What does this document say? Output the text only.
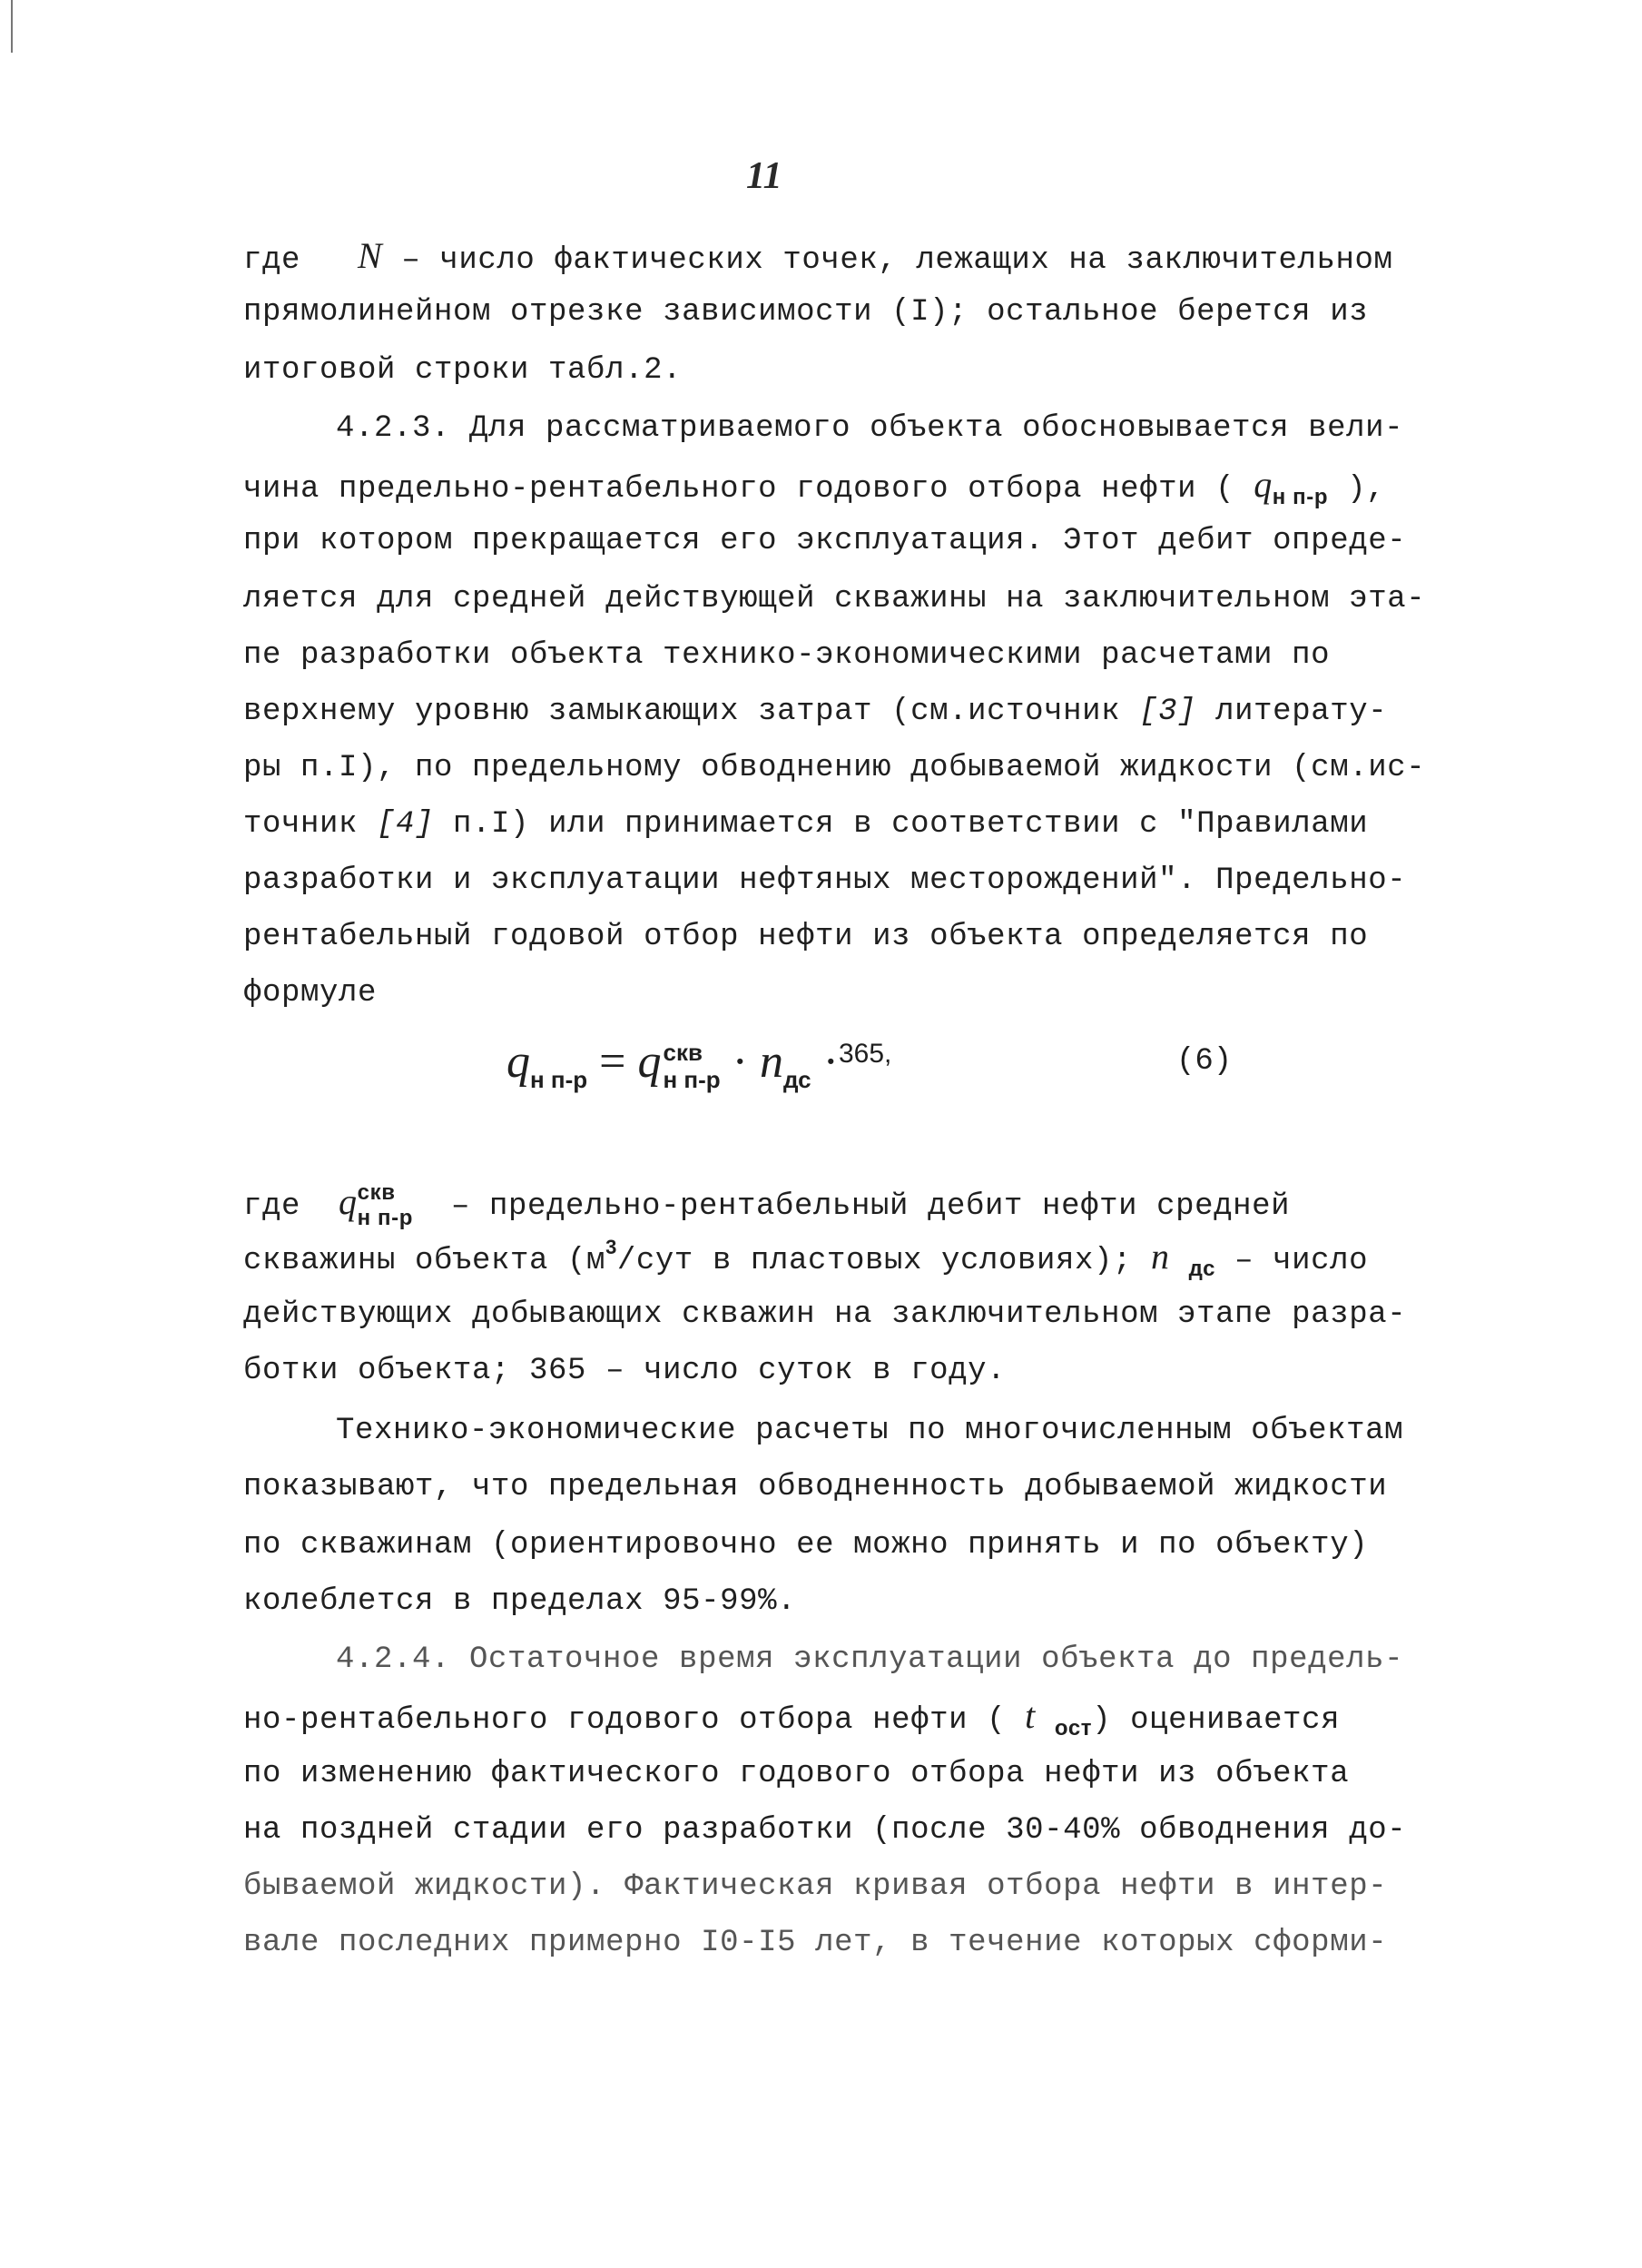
11
где   N – число фактических точек, лежащих на заключительном
прямолинейном отрезке зависимости (I); остальное берется из
итоговой строки табл.2.
4.2.3. Для рассматриваемого объекта обосновывается вели-
чина предельно-рентабельного годового отбора нефти ( $q_{н п-р}$ ),
при котором прекращается его эксплуатация. Этот дебит опреде-
ляется для средней действующей скважины на заключительном эта-
пе разработки объекта технико-экономическими расчетами по
верхнему уровню замыкающих затрат (см.источник [3] литерату-
ры п.I), по предельному обводнению добываемой жидкости (см.ис-
точник [4] п.I) или принимается в соответствии с "Правилами
разработки и эксплуатации нефтяных месторождений". Предельно-
рентабельный годовой отбор нефти из объекта определяется по
формуле
$q_{н п-р} = q$ скв
н $п-р \cdot n_{дс} \cdot^{365,}$	(6)
где  q скв
н п-р – предельно-рентабельный дебит нефти средней
скважины объекта ($м^3$/сут в пластовых условиях); n $_{дс}$ – число
действующих добывающих скважин на заключительном этапе разра-
ботки объекта; 365 – число суток в году.
Технико-экономические расчеты по многочисленным объектам
показывают, что предельная обводненность добываемой жидкости
по скважинам (ориентировочно ее можно принять и по объекту)
колеблется в пределах 95-99%.
4.2.4. Остаточное время эксплуатации объекта до предель-
но-рентабельного годового отбора нефти ( t $_{ост}$) оценивается
по изменению фактического годового отбора нефти из объекта
на поздней стадии его разработки (после 30-40% обводнения до-
бываемой жидкости). Фактическая кривая отбора нефти в интер-
вале последних примерно I0-I5 лет, в течение которых сформи-
